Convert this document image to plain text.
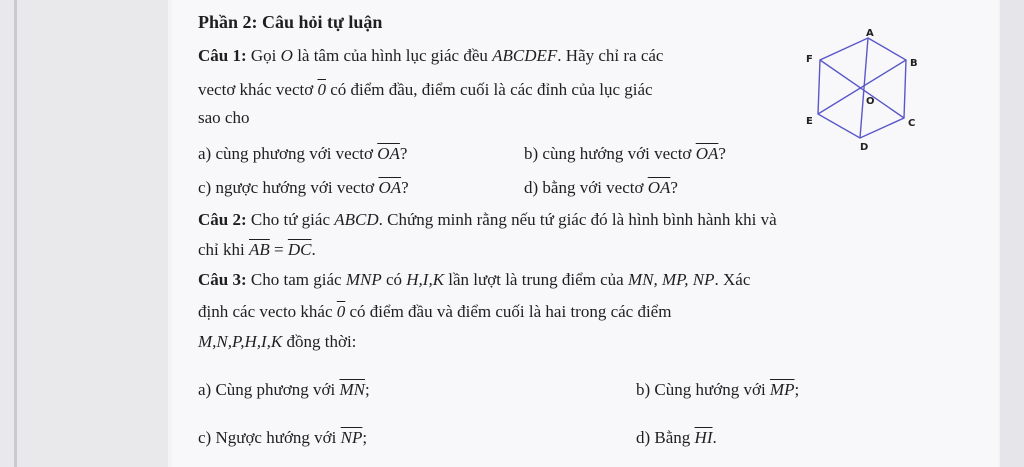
Phần 2: Câu hỏi tự luận
Câu 1: Gọi O là tâm của hình lục giác đều ABCDEF. Hãy chỉ ra các
vectơ khác vectơ 0 có điểm đầu, điểm cuối là các đỉnh của lục giác
sao cho
a) cùng phương với vectơ $\overline{OA}$?	b) cùng hướng với vectơ $\overline{OA}$?
c) ngược hướng với vectơ $\overline{OA}$?	d) bằng với vectơ $\overline{OA}$?
Câu 2: Cho tứ giác ABCD. Chứng minh rằng nếu tứ giác đó là hình bình hành khi và
chỉ khi $\overline{AB} = \overline{DC}$.
Câu 3: Cho tam giác MNP có H,I,K lần lượt là trung điểm của MN, MP, NP. Xác
định các vecto khác 0 có điểm đầu và điểm cuối là hai trong các điểm
M,N,P,H,I,K đồng thời:
a) Cùng phương với $\overline{MN}$;	b) Cùng hướng với $\overline{MP}$;
c) Ngược hướng với $\overline{NP}$;	d) Bằng $\overline{HI}$.
A
B
C
D
E
F
O
